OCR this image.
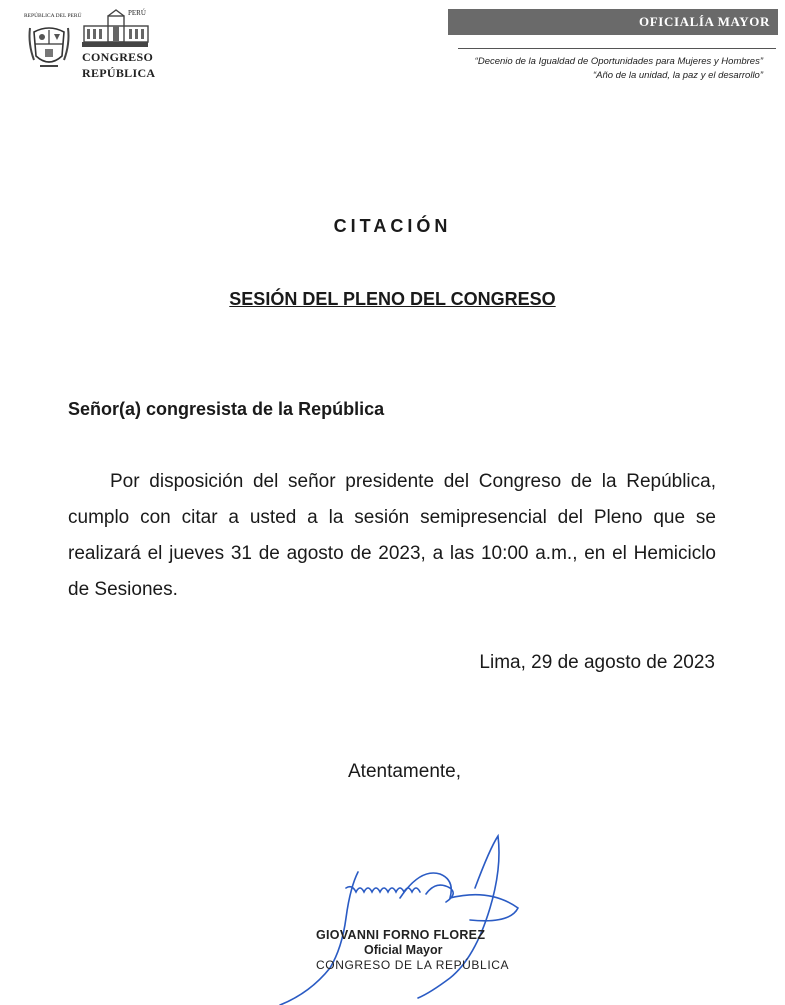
REPÚBLICA DEL PERÚ	PERÚ
CONGRESO
REPÚBLICA
OFICIALÍA MAYOR
“Decenio de la Igualdad de Oportunidades para Mujeres y Hombres”
“Año de la unidad, la paz y el desarrollo”
CITACIÓN
SESIÓN DEL PLENO DEL CONGRESO
Señor(a) congresista de la República
Por disposición del señor presidente del Congreso de la República, cumplo con citar a usted a la sesión semipresencial del Pleno que se realizará el jueves 31 de agosto de 2023, a las 10:00 a.m., en el Hemiciclo de Sesiones.
Lima, 29 de agosto de 2023
Atentamente,
GIOVANNI FORNO FLOREZ
Oficial Mayor
CONGRESO DE LA REPÚBLICA
